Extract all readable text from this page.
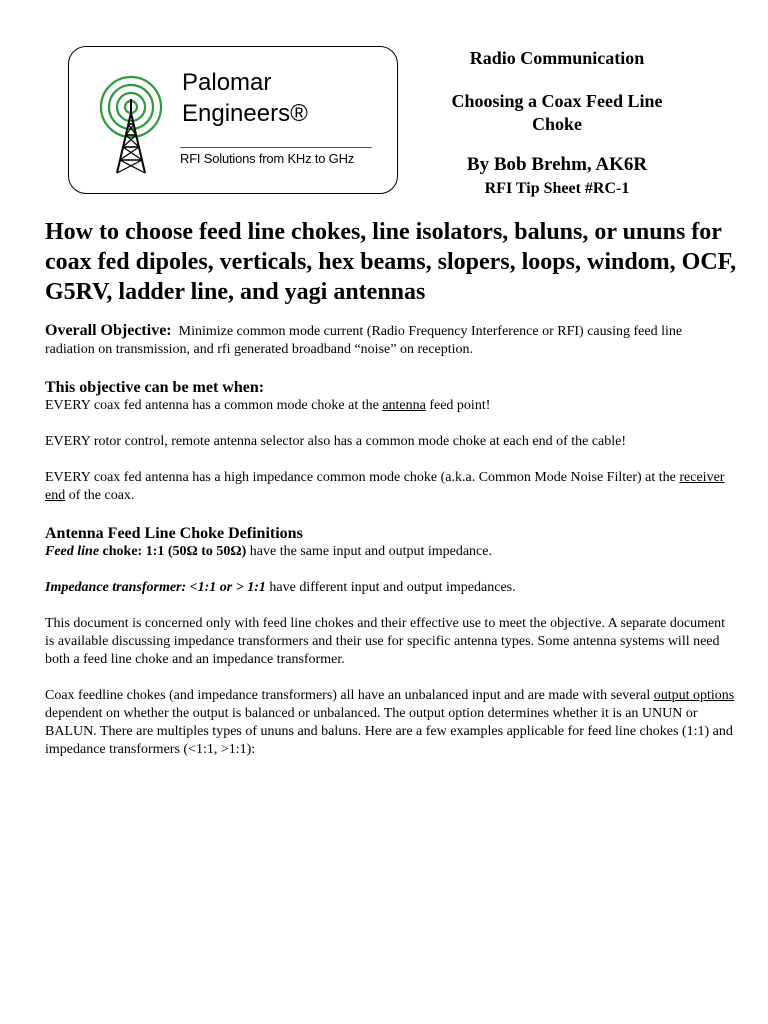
Palomar
Engineers®
RFI Solutions from KHz to GHz
Radio Communication
Choosing a Coax Feed Line
Choke
By Bob Brehm, AK6R
RFI Tip Sheet #RC-1
How to choose feed line chokes, line isolators, baluns, or ununs for coax fed dipoles, verticals, hex beams, slopers, loops, windom, OCF, G5RV, ladder line, and yagi antennas

Overall Objective: Minimize common mode current (Radio Frequency Interference or RFI) causing feed line radiation on transmission, and rfi generated broadband “noise” on reception.

This objective can be met when:

EVERY coax fed antenna has a common mode choke at the antenna feed point!

EVERY rotor control, remote antenna selector also has a common mode choke at each end of the cable!

EVERY coax fed antenna has a high impedance common mode choke (a.k.a. Common Mode Noise Filter) at the receiver end of the coax.

Antenna Feed Line Choke Definitions

Feed line choke: 1:1 (50Ω to 50Ω) have the same input and output impedance.

Impedance transformer: <1:1 or > 1:1 have different input and output impedances.

This document is concerned only with feed line chokes and their effective use to meet the objective. A separate document is available discussing impedance transformers and their use for specific antenna types. Some antenna systems will need both a feed line choke and an impedance transformer.

Coax feedline chokes (and impedance transformers) all have an unbalanced input and are made with several output options dependent on whether the output is balanced or unbalanced. The output option determines whether it is an UNUN or BALUN. There are multiples types of ununs and baluns. Here are a few examples applicable for feed line chokes (1:1) and impedance transformers (<1:1, >1:1):
